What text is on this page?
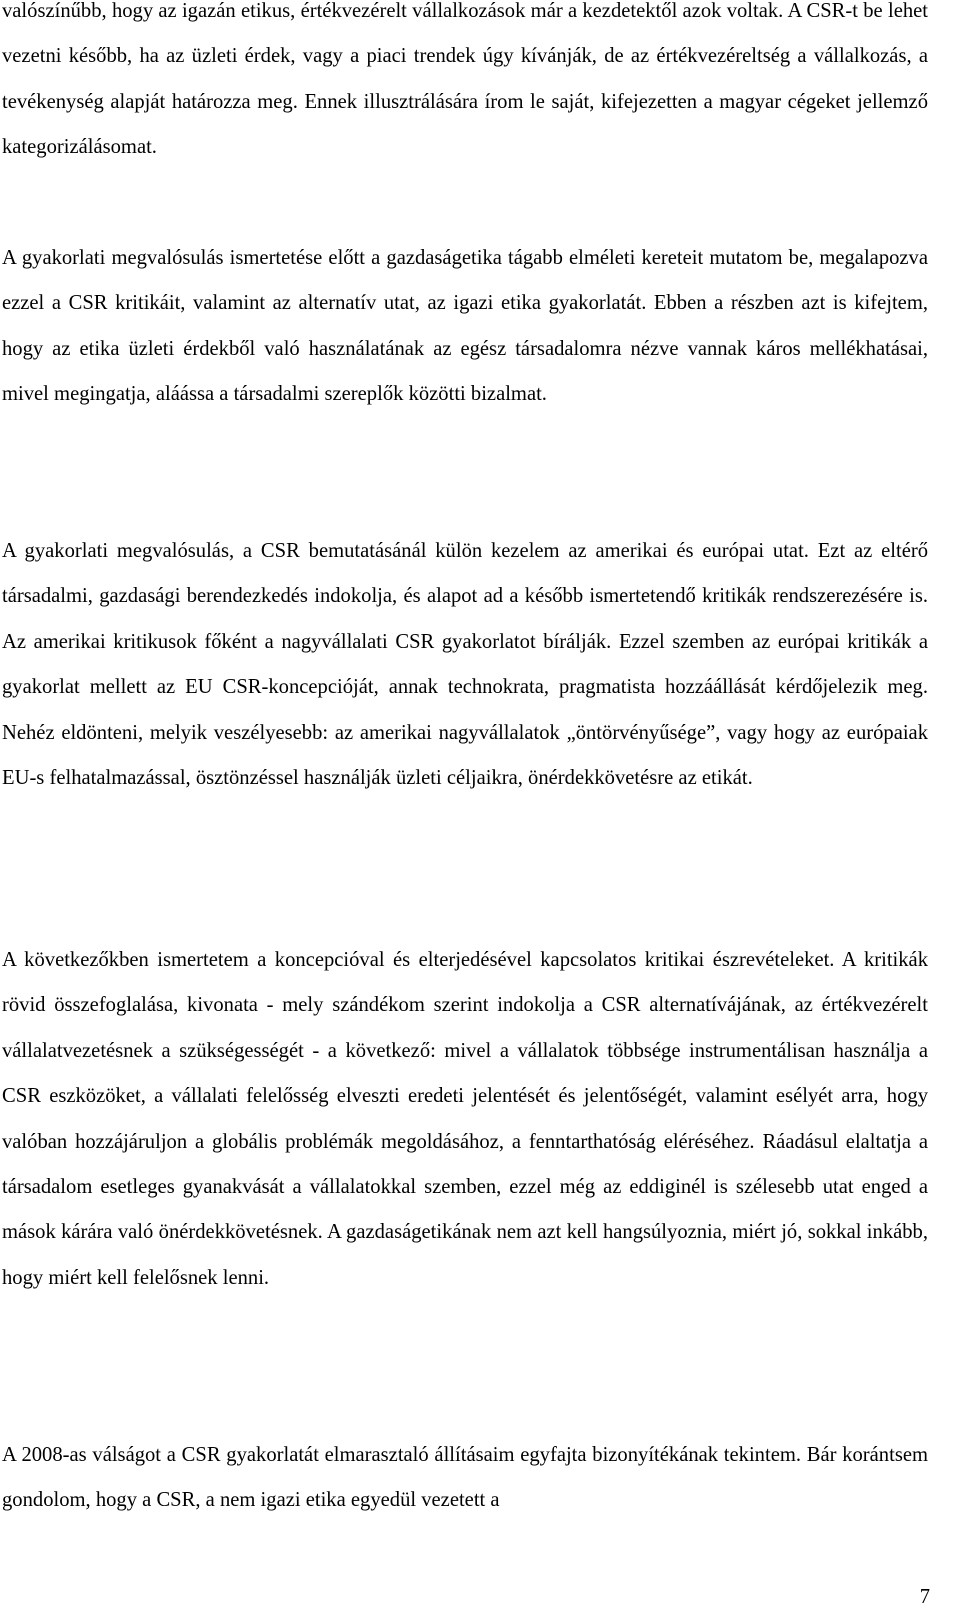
valószínűbb, hogy az igazán etikus, értékvezérelt vállalkozások már a kezdetektől azok voltak. A CSR-t be lehet vezetni később, ha az üzleti érdek, vagy a piaci trendek úgy kívánják, de az értékvezéreltség a vállalkozás, a tevékenység alapját határozza meg. Ennek illusztrálására írom le saját, kifejezetten a magyar cégeket jellemző kategorizálásomat.

A gyakorlati megvalósulás ismertetése előtt a gazdaságetika tágabb elméleti kereteit mutatom be, megalapozva ezzel a CSR kritikáit, valamint az alternatív utat, az igazi etika gyakorlatát. Ebben a részben azt is kifejtem, hogy az etika üzleti érdekből való használatának az egész társadalomra nézve vannak káros mellékhatásai, mivel megingatja, aláássa a társadalmi szereplők közötti bizalmat.

A gyakorlati megvalósulás, a CSR bemutatásánál külön kezelem az amerikai és európai utat. Ezt az eltérő társadalmi, gazdasági berendezkedés indokolja, és alapot ad a később ismertetendő kritikák rendszerezésére is. Az amerikai kritikusok főként a nagyvállalati CSR gyakorlatot bírálják. Ezzel szemben az európai kritikák a gyakorlat mellett az EU CSR-koncepcióját, annak technokrata, pragmatista hozzáállását kérdőjelezik meg. Nehéz eldönteni, melyik veszélyesebb: az amerikai nagyvállalatok „öntörvényűsége”, vagy hogy az európaiak EU-s felhatalmazással, ösztönzéssel használják üzleti céljaikra, önérdekkövetésre az etikát.

A következőkben ismertetem a koncepcióval és elterjedésével kapcsolatos kritikai észrevételeket. A kritikák rövid összefoglalása, kivonata - mely szándékom szerint indokolja a CSR alternatívájának, az értékvezérelt vállalatvezetésnek a szükségességét - a következő: mivel a vállalatok többsége instrumentálisan használja a CSR eszközöket, a vállalati felelősség elveszti eredeti jelentését és jelentőségét, valamint esélyét arra, hogy valóban hozzájáruljon a globális problémák megoldásához, a fenntarthatóság eléréséhez. Ráadásul elaltatja a társadalom esetleges gyanakvását a vállalatokkal szemben, ezzel még az eddiginél is szélesebb utat enged a mások kárára való önérdekkövetésnek. A gazdaságetikának nem azt kell hangsúlyoznia, miért jó, sokkal inkább, hogy miért kell felelősnek lenni.

A 2008-as válságot a CSR gyakorlatát elmarasztaló állításaim egyfajta bizonyítékának tekintem. Bár korántsem gondolom, hogy a CSR, a nem igazi etika egyedül vezetett a

7
